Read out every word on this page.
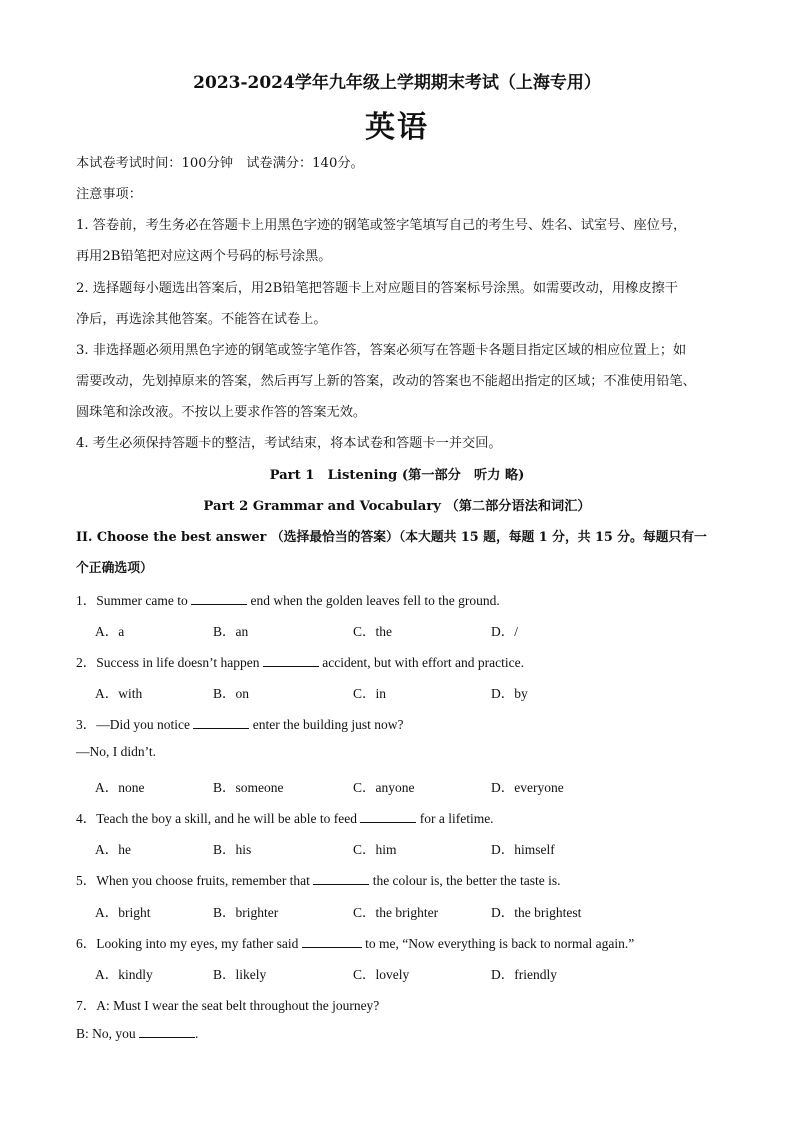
2023-2024学年九年级上学期期末考试（上海专用）
英语
本试卷考试时间：100分钟　试卷满分：140分。
注意事项：
1. 答卷前，考生务必在答题卡上用黑色字迹的钢笔或签字笔填写自己的考生号、姓名、试室号、座位号，
再用2B铅笔把对应这两个号码的标号涂黑。
2. 选择题每小题选出答案后，用2B铅笔把答题卡上对应题目的答案标号涂黑。如需要改动，用橡皮擦干
净后，再选涂其他答案。不能答在试卷上。
3. 非选择题必须用黑色字迹的钢笔或签字笔作答，答案必须写在答题卡各题目指定区域的相应位置上；如
需要改动，先划掉原来的答案，然后再写上新的答案，改动的答案也不能超出指定的区域；不准使用铅笔、
圆珠笔和涂改液。不按以上要求作答的答案无效。
4. 考生必须保持答题卡的整洁，考试结束，将本试卷和答题卡一并交回。
Part 1　Listening (第一部分　听力 略)
Part 2 Grammar and Vocabulary （第二部分语法和词汇）
II. Choose the best answer （选择最恰当的答案）（本大题共 15 题，每题 1 分，共 15 分。每题只有一
个正确选项）
1．Summer came to	end when the golden leaves fell to the ground.
A．a	B．an	C．the	D．/
2．Success in life doesn’t happen	accident, but with effort and practice.
A．with	B．on	C．in	D．by
3．—Did you notice	enter the building just now?
—No, I didn’t.
A．none	B．someone	C．anyone	D．everyone
4．Teach the boy a skill, and he will be able to feed	for a lifetime.
A．he	B．his	C．him	D．himself
5．When you choose fruits, remember that	the colour is, the better the taste is.
A．bright	B．brighter	C．the brighter	D．the brightest
6．Looking into my eyes, my father said	to me, “Now everything is back to normal again.”
A．kindly	B．likely	C．lovely	D．friendly
7．A: Must I wear the seat belt throughout the journey?
B: No, you	.
